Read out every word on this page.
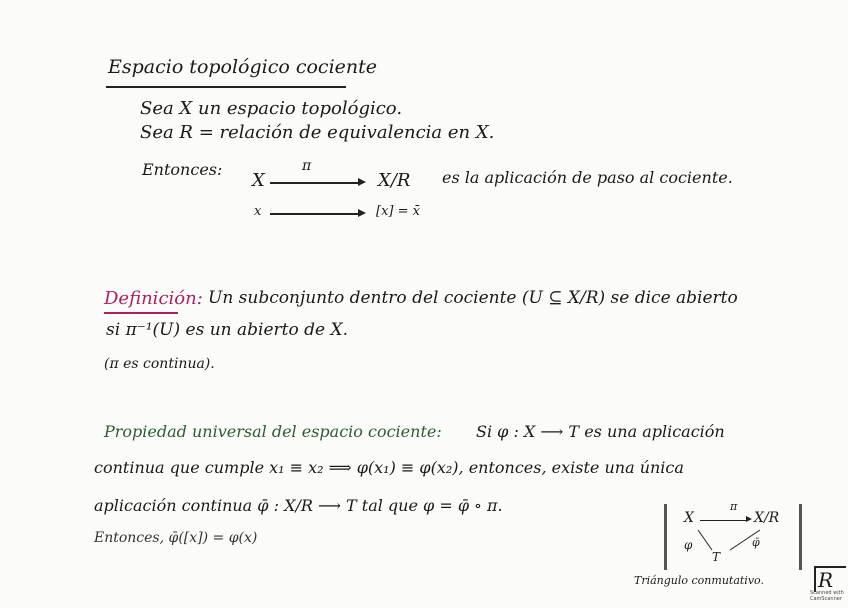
Espacio topológico cociente
Sea X un espacio topológico.
Sea R = relación de equivalencia en X.
Entonces:
X
π
X/R es la aplicación de paso al cociente.
x	[x] = x̄
Definición: Un subconjunto dentro del cociente (U ⊆ X/R) se dice abierto
si π⁻¹(U) es un abierto de X.
(π es continua).
Propiedad universal del espacio cociente: Si φ : X ⟶ T es una aplicación
continua que cumple x₁ ≡ x₂ ⟹ φ(x₁) ≡ φ(x₂), entonces, existe una única
aplicación continua φ̄ : X/R ⟶ T tal que φ = φ̄ ∘ π.
Entonces, φ̄([x]) = φ(x)
X
π
X/R
φ
T
φ̄
Triángulo conmutativo.	R
Scanned with CamScanner
